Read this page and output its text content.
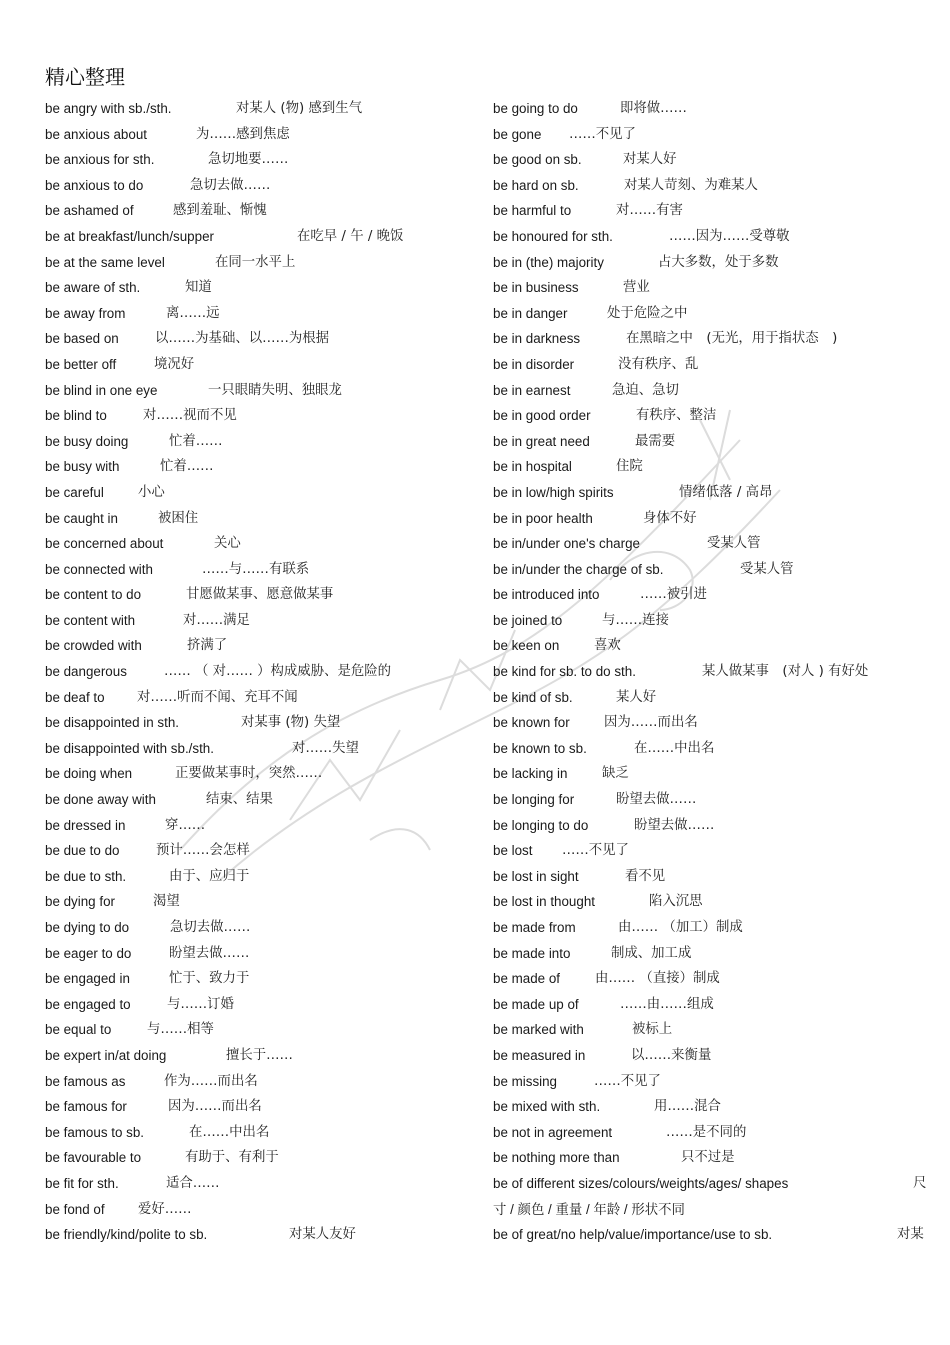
精心整理
be angry with sb./sth.	对某人 (物) 感到生气
be anxious about	为……感到焦虑
be anxious for sth.	急切地要……
be anxious to do	急切去做……
be ashamed of	感到羞耻、惭愧
be at breakfast/lunch/supper	在吃早 / 午 / 晚饭
be at the same level	在同一水平上
be aware of sth.	知道
be away from	离……远
be based on	以……为基础、以……为根据
be better off	境况好
be blind in one eye	一只眼睛失明、独眼龙
be blind to	对……视而不见
be busy doing	忙着……
be busy with	忙着……
be careful	小心
be caught in	被困住
be concerned about	关心
be connected with	……与……有联系
be content to do	甘愿做某事、愿意做某事
be content with	对……满足
be crowded with	挤满了
be dangerous	…… （ 对…… ）构成威胁、是危险的
be deaf to 对……听而不闻、充耳不闻
be disappointed in sth.	对某事 (物) 失望
be disappointed with sb./sth.	对……失望
be doing when	正要做某事时，突然……
be done away with	结束、结果
be dressed in	穿……
be due to do	预计……会怎样
be due to sth.	由于、应归于
be dying for	渴望
be dying to do	急切去做……
be eager to do	盼望去做……
be engaged in	忙于、致力于
be engaged to	与……订婚
be equal to	与……相等
be expert in/at doing	擅长于……
be famous as	作为……而出名
be famous for	因为……而出名
be famous to sb.	在……中出名
be favourable to	有助于、有利于
be fit for sth.	适合……
be fond of 爱好……
be friendly/kind/polite to sb.	对某人友好
be going to do	即将做……
be gone ……不见了
be good on sb.	对某人好
be hard on sb.	对某人苛刻、为难某人
be harmful to	对……有害
be honoured for sth.	……因为……受尊敬
be in (the) majority	占大多数，处于多数
be in business	营业
be in danger	处于危险之中
be in darkness	在黑暗之中　(无光，用于指状态　)
be in disorder	没有秩序、乱
be in earnest	急迫、急切
be in good order	有秩序、整洁
be in great need	最需要
be in hospital	住院
be in low/high spirits	情绪低落 / 高昂
be in poor health	身体不好
be in/under one's charge	受某人管
be in/under the charge of sb.	受某人管
be introduced into	……被引进
be joined to	与……连接
be keen on	喜欢
be kind for sb. to do sth.	某人做某事　(对人 ) 有好处
be kind of sb.	某人好
be known for	因为……而出名
be known to sb.	在……中出名
be lacking in	缺乏
be longing for	盼望去做……
be longing to do	盼望去做……
be lost ……不见了
be lost in sight	看不见
be lost in thought	陷入沉思
be made from	由…… （加工）制成
be made into	制成、加工成
be made of	由…… （直接）制成
be made up of	……由……组成
be marked with	被标上
be measured in	以……来衡量
be missing	……不见了
be mixed with sth.	用……混合
be not in agreement	……是不同的
be nothing more than	只不过是
be of different sizes/colours/weights/ages/ shapes	尺
寸 / 颜色 / 重量 / 年龄 / 形状不同
be of great/no help/value/importance/use to sb.	对某
